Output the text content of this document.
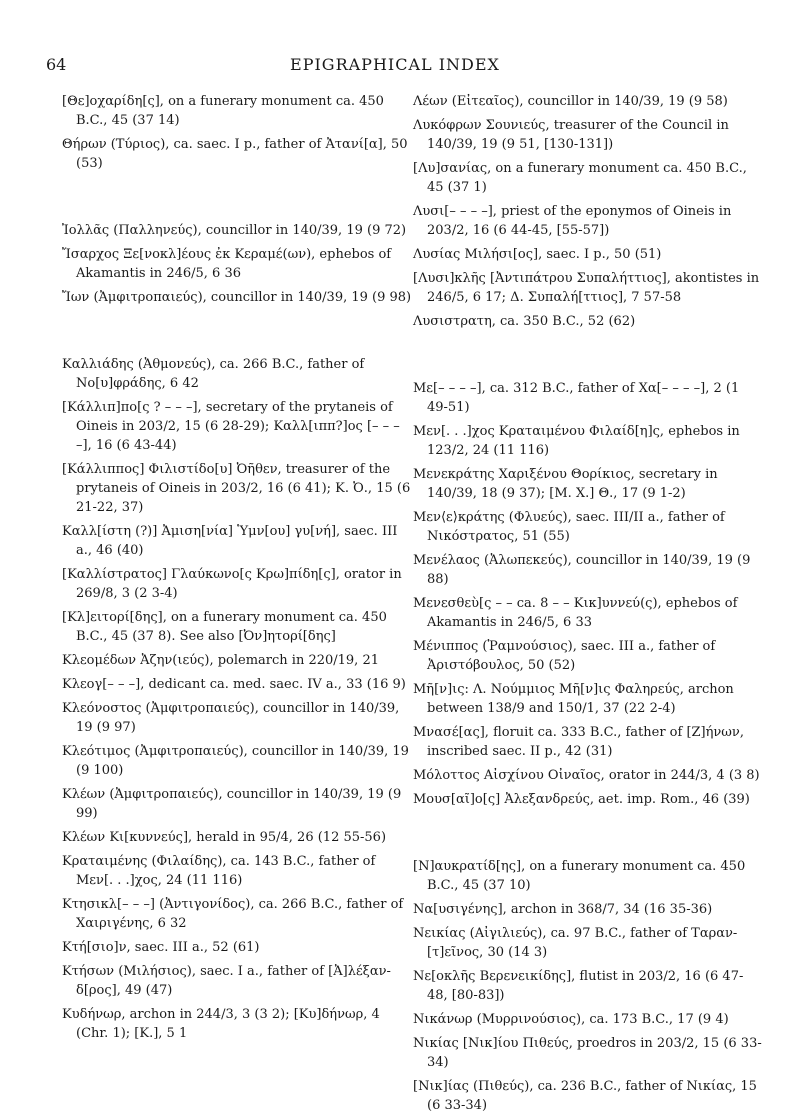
64	EPIGRAPHICAL INDEX

[Θε]οχαρίδη[ς], on a funerary monument ca. 450 B.C., 45 (37 14)

Θήρων (Τύριος), ca. saec. I p., father of Ἀτανί[α], 50 (53)

Ἰολλᾶς (Παλληνεύς), councillor in 140/39, 19 (9 72)

Ἴσαρχος Ξε[νοκλ]έους ἐκ Κεραμέ(ων), ephebos of Akamantis in 246/5, 6 36

Ἴων (Ἀμφιτροπαιεύς), councillor in 140/39, 19 (9 98)

Καλλιάδης (Ἀθμονεύς), ca. 266 B.C., father of Νο[υ]φράδης, 6 42

[Κάλλιπ]πο[ς ? – – –], secretary of the prytaneis of Oineis in 203/2, 15 (6 28-29); Καλλ[ιππ?]ος [– – – –], 16 (6 43-44)

[Κάλλιππος] Φιλιστίδο[υ] Ὀῆθεν, treasurer of the prytaneis of Oineis in 203/2, 16 (6 41); Κ. Ὀ., 15 (6 21-22, 37)

Καλλ[ίστη (?)] Ἀμιση[νία] Ὑμν[ου] γυ[νή], saec. III a., 46 (40)

[Καλλίστρατος] Γλαύκωνο[ς Κρω]πίδη[ς], orator in 269/8, 3 (2 3-4)

[Κλ]ειτορί[δης], on a funerary monument ca. 450 B.C., 45 (37 8). See also [Ὀν]ητορί[δης]

Κλεομέδων Ἀζην(ιεύς), polemarch in 220/19, 21

Κλεογ[– – –], dedicant ca. med. saec. IV a., 33 (16 9)

Κλεόνοστος (Ἀμφιτροπαιεύς), councillor in 140/39, 19 (9 97)

Κλεότιμος (Ἀμφιτροπαιεύς), councillor in 140/39, 19 (9 100)

Κλέων (Ἀμφιτροπαιεύς), councillor in 140/39, 19 (9 99)

Κλέων Κι[κυννεύς], herald in 95/4, 26 (12 55-56)

Κραταιμένης (Φιλαίδης), ca. 143 B.C., father of Μεν[. . .]χος, 24 (11 116)

Κτησικλ[– – –] (Ἀντιγονίδος), ca. 266 B.C., father of Χαιριγένης, 6 32

Κτή[σιο]ν, saec. III a., 52 (61)

Κτήσων (Μιλήσιος), saec. I a., father of [Ἀ]λέξαν-δ[ρος], 49 (47)

Κυδήνωρ, archon in 244/3, 3 (3 2); [Κυ]δήνωρ, 4 (Chr. 1); [Κ.], 5 1

Λέων (Εἰτεαῖος), councillor in 140/39, 19 (9 58)

Λυκόφρων Σουνιεύς, treasurer of the Council in 140/39, 19 (9 51, [130-131])

[Λυ]σανίας, on a funerary monument ca. 450 B.C., 45 (37 1)

Λυσι[– – – –], priest of the eponymos of Oineis in 203/2, 16 (6 44-45, [55-57])

Λυσίας Μιλήσι[ος], saec. I p., 50 (51)

[Λυσι]κλῆς [Ἀντιπάτρου Συπαλήττιος], akontistes in 246/5, 6 17; Δ. Συπαλή[ττιος], 7 57-58

Λυσιστρατη, ca. 350 B.C., 52 (62)

Με[– – – –], ca. 312 B.C., father of Χα[– – – –], 2 (1 49-51)

Μεν[. . .]χος Κραταιμένου Φιλαίδ[η]ς, ephebos in 123/2, 24 (11 116)

Μενεκράτης Χαριξένου Θορίκιος, secretary in 140/39, 18 (9 37); [Μ. Χ.] Θ., 17 (9 1-2)

Μεν⟨ε⟩κράτης (Φλυεύς), saec. III/II a., father of Νικόστρατος, 51 (55)

Μενέλαος (Ἀλωπεκεύς), councillor in 140/39, 19 (9 88)

Μενεσθεὺ[ς – – ca. 8 – – Κικ]υννεύ(ς), ephebos of Akamantis in 246/5, 6 33

Μένιππος (Ῥαμνούσιος), saec. III a., father of Ἀριστόβουλος, 50 (52)

Μῆ[ν]ις: Λ. Νούμμιος Μῆ[ν]ις Φαληρεύς, archon between 138/9 and 150/1, 37 (22 2-4)

Μνασέ[ας], floruit ca. 333 B.C., father of [Ζ]ήνων, inscribed saec. II p., 42 (31)

Μόλοττος Αἰσχίνου Οἰναῖος, orator in 244/3, 4 (3 8)

Μουσ[αῖ]ο[ς] Ἀλεξανδρεύς, aet. imp. Rom., 46 (39)

[Ν]αυκρατίδ[ης], on a funerary monument ca. 450 B.C., 45 (37 10)

Να[υσιγένης], archon in 368/7, 34 (16 35-36)

Νεικίας (Αἰγιλιεύς), ca. 97 B.C., father of Ταραν-[τ]εῖνος, 30 (14 3)

Νε[οκλῆς Βερενεικίδης], flutist in 203/2, 16 (6 47-48, [80-83])

Νικάνωρ (Μυρρινούσιος), ca. 173 B.C., 17 (9 4)

Νικίας [Νικ]ίου Πιθεύς, proedros in 203/2, 15 (6 33-34)

[Νικ]ίας (Πιθεύς), ca. 236 B.C., father of Νικίας, 15 (6 33-34)
